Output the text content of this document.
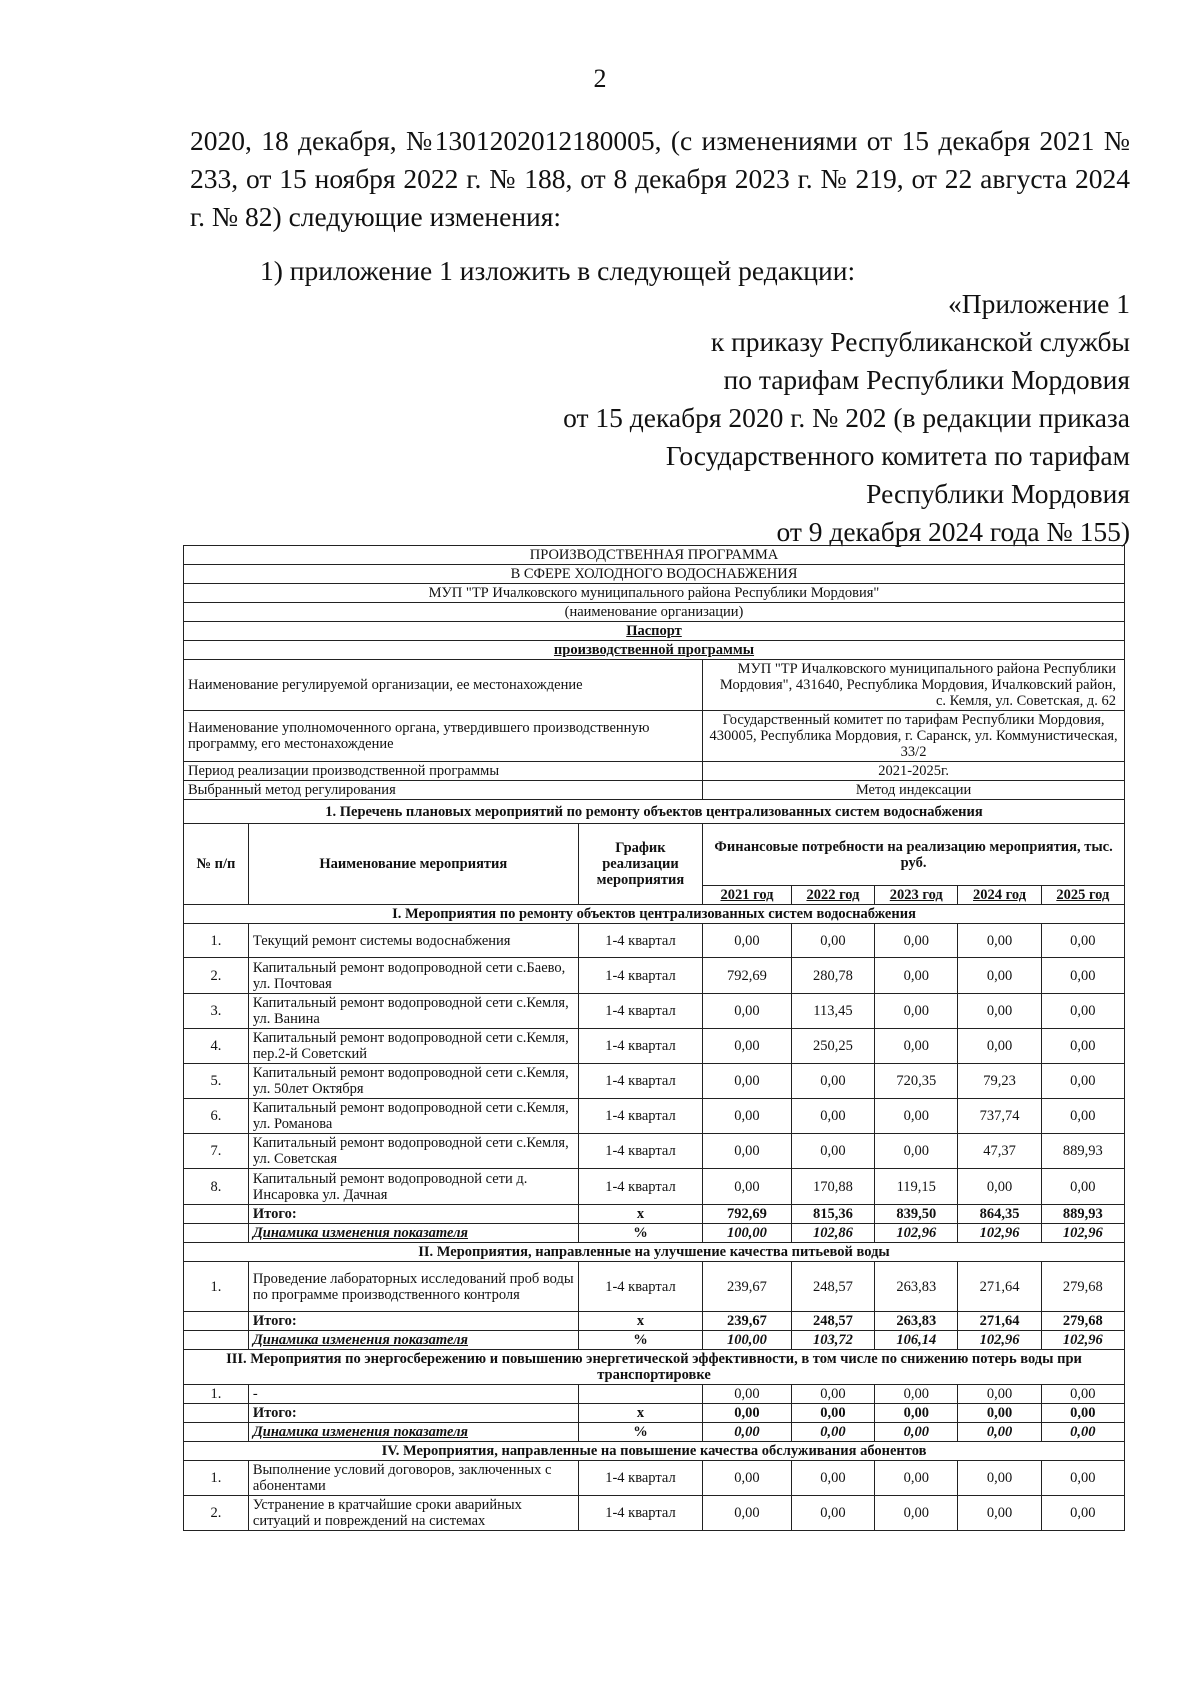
2
2020, 18 декабря, №1301202012180005, (с изменениями от 15 декабря 2021 № 233, от 15 ноября 2022 г. № 188, от 8 декабря 2023 г. № 219, от 22 августа 2024 г. № 82) следующие изменения:
1) приложение 1 изложить в следующей редакции:
«Приложение 1
к приказу Республиканской службы
по тарифам Республики Мордовия
от 15 декабря 2020 г. № 202 (в редакции приказа
Государственного комитета по тарифам
Республики Мордовия
от 9 декабря 2024 года № 155)
ПРОИЗВОДСТВЕННАЯ ПРОГРАММА							
В СФЕРЕ ХОЛОДНОГО ВОДОСНАБЖЕНИЯ							
МУП "ТР Ичалковского муниципального района Республики Мордовия"							
(наименование организации)							
Паспорт							
производственной программы							
Наименование регулируемой организации, ее местонахождение			МУП "ТР Ичалковского муниципального района Республики Мордовия", 431640, Республика Мордовия, Ичалковский район, с. Кемля, ул. Советская, д. 62				
Наименование уполномоченного органа, утвердившего производственную программу, его местонахождение			Государственный комитет по тарифам Республики Мордовия, 430005, Республика Мордовия, г. Саранск, ул. Коммунистическая, 33/2				
Период реализации производственной программы			2021-2025г.				
Выбранный метод регулирования			Метод индексации				
1. Перечень плановых мероприятий по ремонту объектов централизованных систем водоснабжения							
№ п/п	Наименование мероприятия	График реализации мероприятия	Финансовые потребности на реализацию мероприятия, тыс. руб.				
			2021 год	2022 год	2023 год	2024 год	2025 год
I. Мероприятия по ремонту объектов централизованных систем водоснабжения							
1.	Текущий ремонт системы водоснабжения	1-4 квартал	0,00	0,00	0,00	0,00	0,00
2.	Капитальный ремонт водопроводной сети с.Баево, ул. Почтовая	1-4 квартал	792,69	280,78	0,00	0,00	0,00
3.	Капитальный ремонт водопроводной сети с.Кемля, ул. Ванина	1-4 квартал	0,00	113,45	0,00	0,00	0,00
4.	Капитальный ремонт водопроводной сети с.Кемля, пер.2-й Советский	1-4 квартал	0,00	250,25	0,00	0,00	0,00
5.	Капитальный ремонт водопроводной сети с.Кемля, ул. 50лет Октября	1-4 квартал	0,00	0,00	720,35	79,23	0,00
6.	Капитальный ремонт водопроводной сети с.Кемля, ул. Романова	1-4 квартал	0,00	0,00	0,00	737,74	0,00
7.	Капитальный ремонт водопроводной сети с.Кемля, ул. Советская	1-4 квартал	0,00	0,00	0,00	47,37	889,93
8.	Капитальный ремонт водопроводной сети д. Инсаровка ул. Дачная	1-4 квартал	0,00	170,88	119,15	0,00	0,00
	Итого:	x	792,69	815,36	839,50	864,35	889,93
	Динамика изменения показателя	%	100,00	102,86	102,96	102,96	102,96
II. Мероприятия, направленные на улучшение качества питьевой воды							
1.	Проведение лабораторных исследований проб воды по программе производственного контроля	1-4 квартал	239,67	248,57	263,83	271,64	279,68
	Итого:	x	239,67	248,57	263,83	271,64	279,68
	Динамика изменения показателя	%	100,00	103,72	106,14	102,96	102,96
III. Мероприятия по энергосбережению и повышению энергетической эффективности, в том числе по снижению потерь воды при транспортировке							
1.	-		0,00	0,00	0,00	0,00	0,00
	Итого:	x	0,00	0,00	0,00	0,00	0,00
	Динамика изменения показателя	%	0,00	0,00	0,00	0,00	0,00
IV. Мероприятия, направленные на повышение качества обслуживания абонентов							
1.	Выполнение условий договоров, заключенных с абонентами	1-4 квартал	0,00	0,00	0,00	0,00	0,00
2.	Устранение в кратчайшие сроки аварийных ситуаций и повреждений на системах	1-4 квартал	0,00	0,00	0,00	0,00	0,00
